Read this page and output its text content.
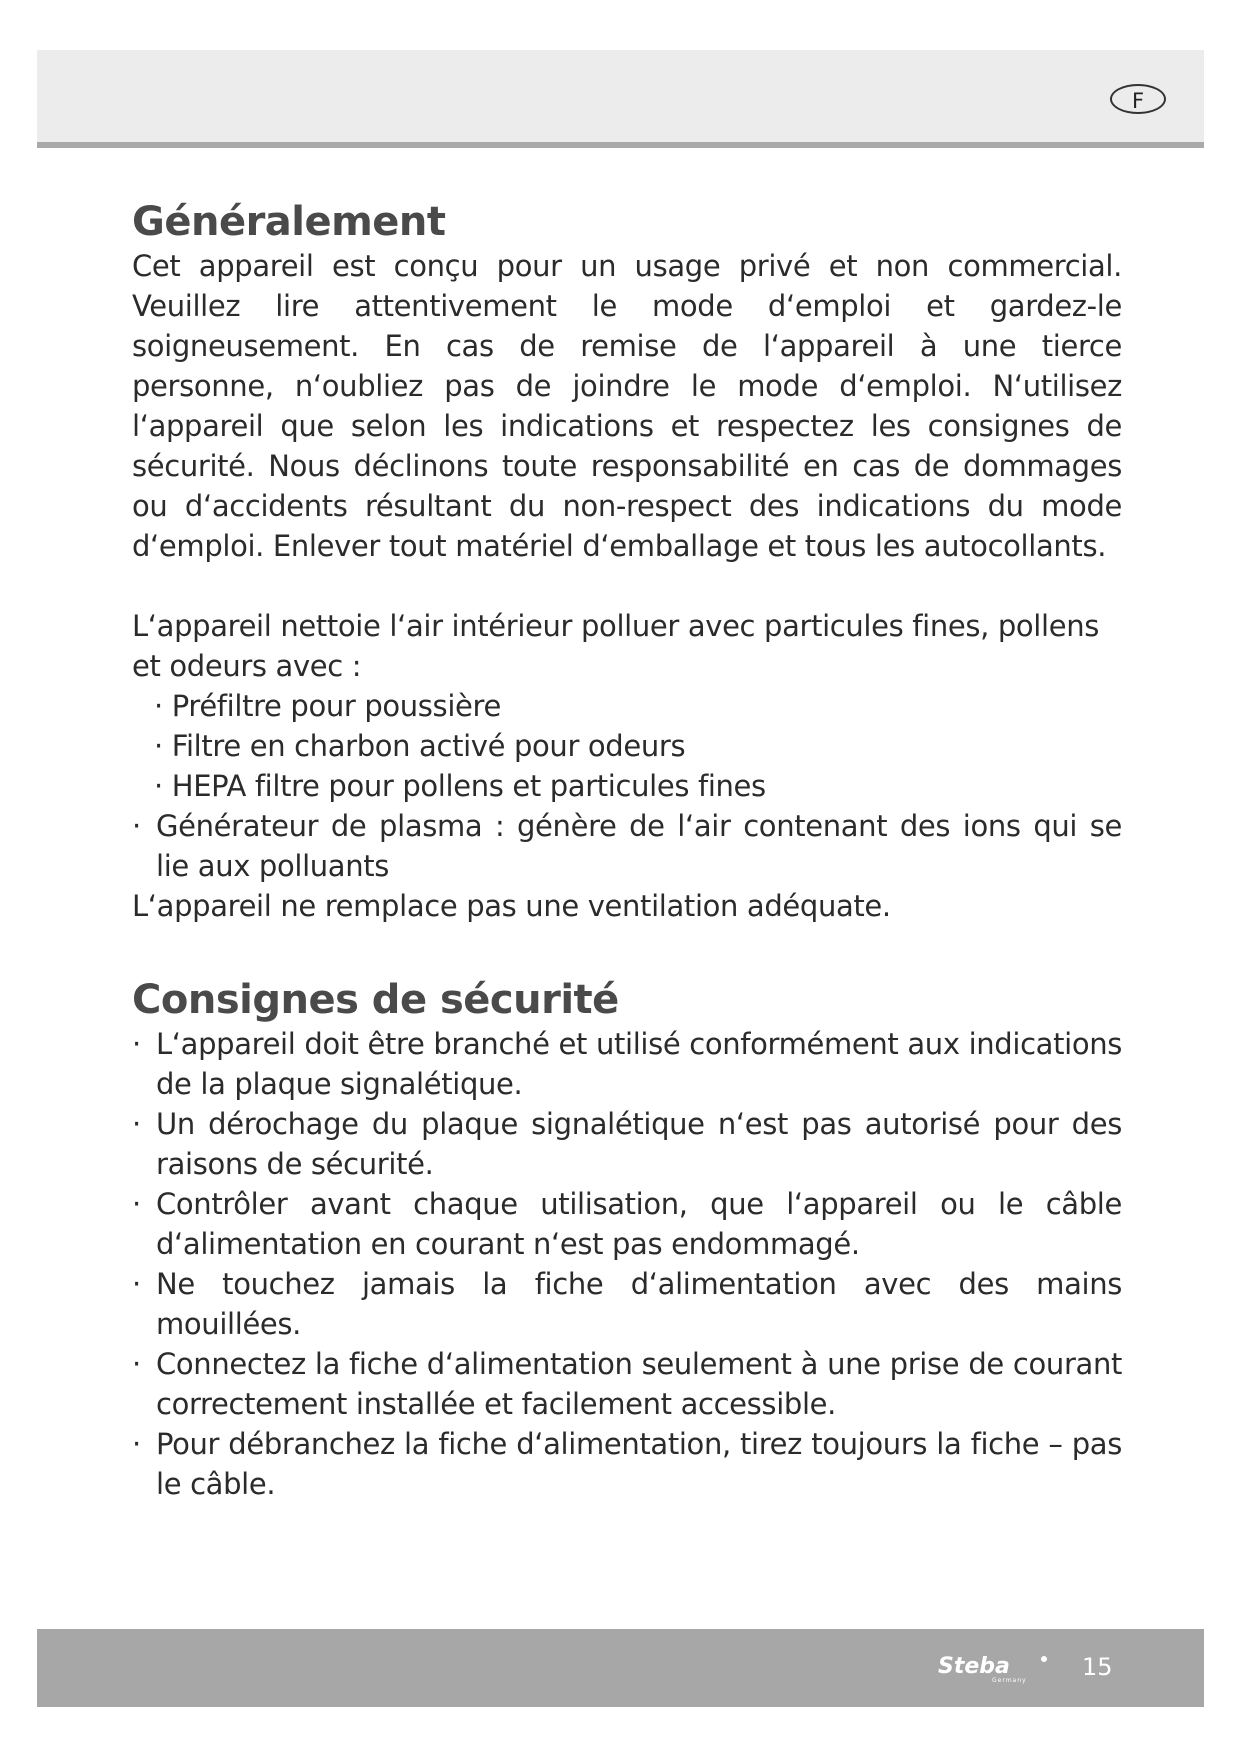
F
Généralement

Cet appareil est conçu pour un usage privé et non commercial. Veuillez lire attentivement le mode d‘emploi et gardez-le soigneusement. En cas de remise de l‘appareil à une tierce personne, n‘oubliez pas de joindre le mode d‘emploi. N‘utilisez l‘appareil que selon les indications et respectez les consignes de sécurité. Nous déclinons toute responsabilité en cas de dommages ou d‘accidents résultant du non-respect des indications du mode d‘emploi. Enlever tout matériel d‘emballage et tous les autocollants.

L‘appareil nettoie l‘air intérieur polluer avec particules fines, pollens et odeurs avec :

· Préfiltre pour poussière
· Filtre en charbon activé pour odeurs
· HEPA filtre pour pollens et particules fines
· Générateur de plasma : génère de l‘air contenant des ions qui se lie aux polluants

L‘appareil ne remplace pas une ventilation adéquate.

Consignes de sécurité
· L‘appareil doit être branché et utilisé conformément aux indications de la plaque signalétique.
· Un dérochage du plaque signalétique n‘est pas autorisé pour des raisons de sécurité.
· Contrôler avant chaque utilisation, que l‘appareil ou le câble d‘alimentation en courant n‘est pas endommagé.
· Ne touchez jamais la fiche d‘alimentation avec des mains mouillées.
· Connectez la fiche d‘alimentation seulement à une prise de courant correctement installée et facilement accessible.
· Pour débranchez la fiche d‘alimentation, tirez toujours la fiche – pas le câble.
Steba
Germany 15
